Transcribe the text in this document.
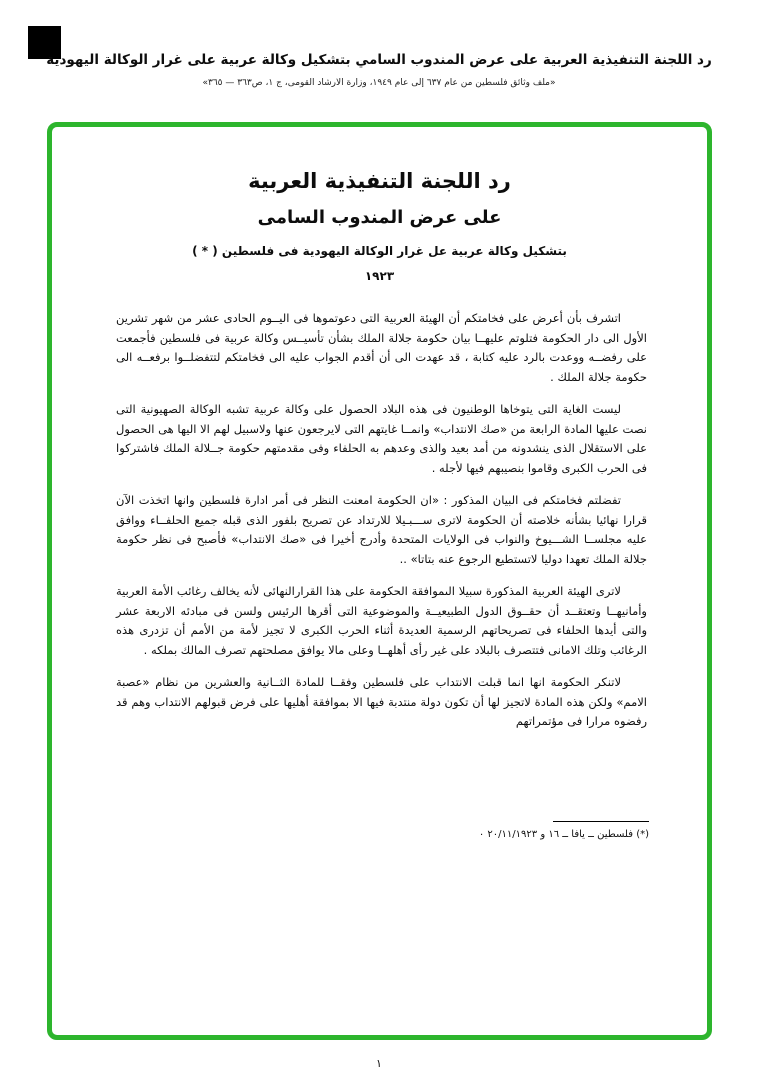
رد اللجنة التنفيذية العربية على عرض المندوب السامي بتشكيل وكالة عربية على غرار الوكالة اليهودية
«ملف وثائق فلسطين من عام ٦٣٧ إلى عام ١٩٤٩، وزارة الارشاد القومى، ج ١، ص٣٦٣ — ٣٦٥»
رد اللجنة التنفيذية العربية
على عرض المندوب السامى
بتشكيل وكالة عربية عل غرار الوكالة اليهودية فى فلسطين ( * )
١٩٢٣

اتشرف بأن أعرض على فخامتكم أن الهيئة العربية التى دعوتموها فى اليــوم الحادى عشر من شهر تشرين الأول الى دار الحكومة فتلوتم عليهــا بيان حكومة جلالة الملك بشأن تأسيــس وكالة عربية فى فلسطين فأجمعت على رفضــه ووعدت بالرد عليه كتابة ، قد عهدت الى أن أقدم الجواب عليه الى فخامتكم لتتفضلــوا برفعــه الى حكومة جلالة الملك .

ليست الغاية التى يتوخاها الوطنيون فى هذه البلاد الحصول على وكالة عربية تشبه الوكالة الصهيونية التى نصت عليها المادة الرابعة من «صك الانتداب» وانمــا غايتهم التى لايرجعون عنها ولاسبيل لهم الا اليها هى الحصول على الاستقلال الذى ينشدونه من أمد بعيد والذى وعدهم به الحلفاء وفى مقدمتهم حكومة جــلالة الملك فاشتركوا فى الحرب الكبرى وقاموا بنصيبهم فيها لأجله .

تفضلتم فخامتكم فى البيان المذكور : «ان الحكومة امعنت النظر فى أمر ادارة فلسطين وانها اتخذت الآن قرارا نهائيا بشأنه خلاصته أن الحكومة لاترى ســـبـيلا للارتداد عن تصريح بلفور الذى قبله جميع الحلفــاء ووافق عليه مجلســا الشـــيوخ والنواب فى الولايات المتحدة وأدرج أخيرا فى «صك الانتداب» فأصبح فى نظر حكومة جلالة الملك تعهدا دوليا لاتستطيع الرجوع عنه بتاتا» ..

لاترى الهيئة العربية المذكورة سبيلا الىموافقة الحكومة على هذا القرارالنهائى لأنه يخالف رغائب الأمة العربية وأمانيهــا وتعتقــد أن حقــوق الدول الطبيعيــة والموضوعية التى أقرها الرئيس ولسن فى مبادئه الاربعة عشر والتى أيدها الحلفاء فى تصريحاتهم الرسمية العديدة أثناء الحرب الكبرى لا تجيز لأمة من الأمم أن تزدرى هذه الرغائب وتلك الامانى فتتصرف بالبلاد على غير رأى أهلهــا وعلى مالا يوافق مصلحتهم تصرف المالك بملكه .

لاتنكر الحكومة انها انما قبلت الانتداب على فلسطين وفقــا للمادة الثــانية والعشرين من نظام «عصبة الامم» ولكن هذه المادة لاتجيز لها أن تكون دولة منتدبة فيها الا بموافقة أهليها على فرض قبولهم الانتداب وهم قد رفضوه مرارا فى مؤتمراتهم

(*) فلسطين ــ يافا ــ ١٦ و ٢٠/١١/١٩٢٣ ٠
١
